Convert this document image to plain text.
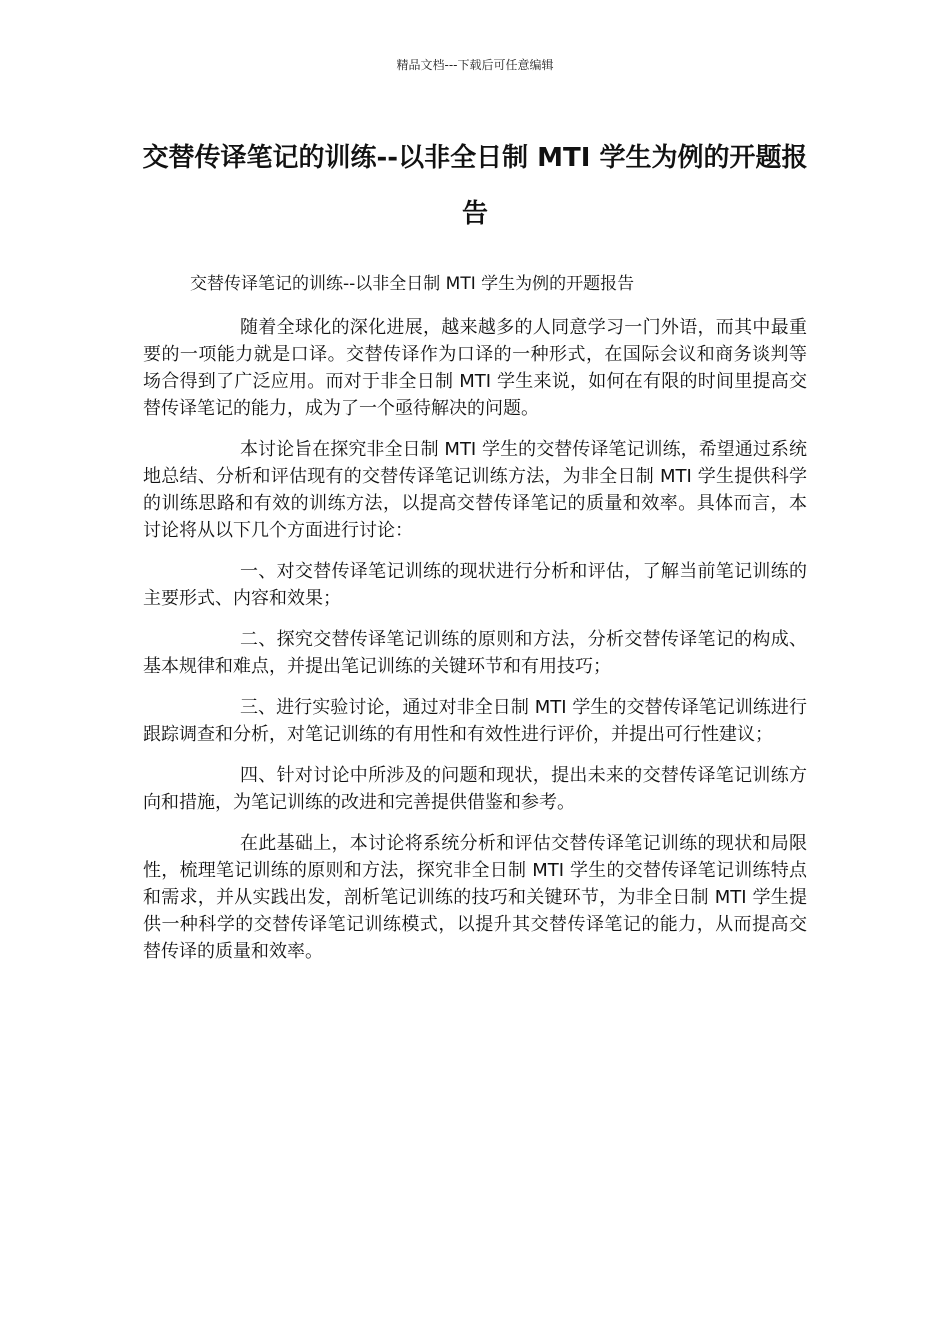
精品文档---下载后可任意编辑
交替传译笔记的训练--以非全日制 MTI 学生为例的开题报告

交替传译笔记的训练--以非全日制 MTI 学生为例的开题报告

随着全球化的深化进展，越来越多的人同意学习一门外语，而其中最重要的一项能力就是口译。交替传译作为口译的一种形式，在国际会议和商务谈判等场合得到了广泛应用。而对于非全日制 MTI 学生来说，如何在有限的时间里提高交替传译笔记的能力，成为了一个亟待解决的问题。

本讨论旨在探究非全日制 MTI 学生的交替传译笔记训练，希望通过系统地总结、分析和评估现有的交替传译笔记训练方法，为非全日制 MTI 学生提供科学的训练思路和有效的训练方法，以提高交替传译笔记的质量和效率。具体而言，本讨论将从以下几个方面进行讨论：

一、对交替传译笔记训练的现状进行分析和评估，了解当前笔记训练的主要形式、内容和效果；

二、探究交替传译笔记训练的原则和方法，分析交替传译笔记的构成、基本规律和难点，并提出笔记训练的关键环节和有用技巧；

三、进行实验讨论，通过对非全日制 MTI 学生的交替传译笔记训练进行跟踪调查和分析，对笔记训练的有用性和有效性进行评价，并提出可行性建议；

四、针对讨论中所涉及的问题和现状，提出未来的交替传译笔记训练方向和措施，为笔记训练的改进和完善提供借鉴和参考。

在此基础上，本讨论将系统分析和评估交替传译笔记训练的现状和局限性，梳理笔记训练的原则和方法，探究非全日制 MTI 学生的交替传译笔记训练特点和需求，并从实践出发，剖析笔记训练的技巧和关键环节，为非全日制 MTI 学生提供一种科学的交替传译笔记训练模式，以提升其交替传译笔记的能力，从而提高交替传译的质量和效率。
